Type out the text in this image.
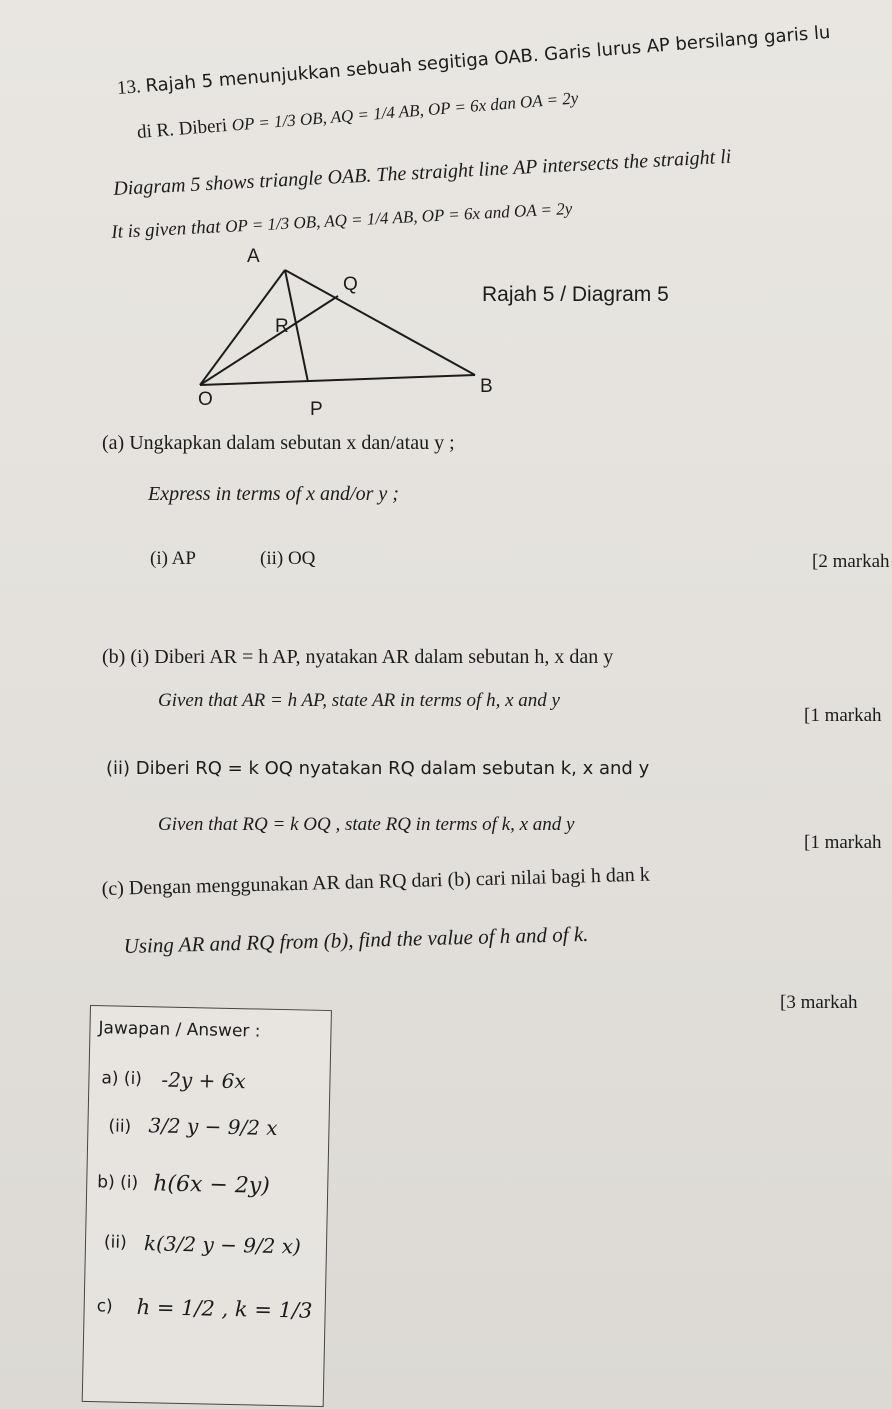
13. Rajah 5 menunjukkan sebuah segitiga OAB. Garis lurus AP bersilang garis lu
di R. Diberi OP = 1/3 OB, AQ = 1/4 AB, OP = 6x dan OA = 2y
Diagram 5 shows triangle OAB. The straight line AP intersects the straight li
It is given that OP = 1/3 OB, AQ = 1/4 AB, OP = 6x and OA = 2y
A
Q
R
O
B
P
Rajah 5 / Diagram 5
(a) Ungkapkan dalam sebutan x dan/atau y ;
Express in terms of x and/or y ;
(i) AP	(ii) OQ	[2 markah
(b) (i) Diberi AR = h AP, nyatakan AR dalam sebutan h, x dan y
Given that AR = h AP, state AR in terms of h, x and y
[1 markah
(ii) Diberi RQ = k OQ nyatakan RQ dalam sebutan k, x and y
Given that RQ = k OQ , state RQ in terms of k, x and y
[1 markah
(c) Dengan menggunakan AR dan RQ dari (b) cari nilai bagi h dan k
Using AR and RQ from (b), find the value of h and of k.
[3 markah
Jawapan / Answer :
a) (i) -2y + 6x
(ii) 3/2 y − 9/2 x
b) (i) h(6x − 2y)
(ii) k(3/2 y − 9/2 x)
c) h = 1/2 , k = 1/3
